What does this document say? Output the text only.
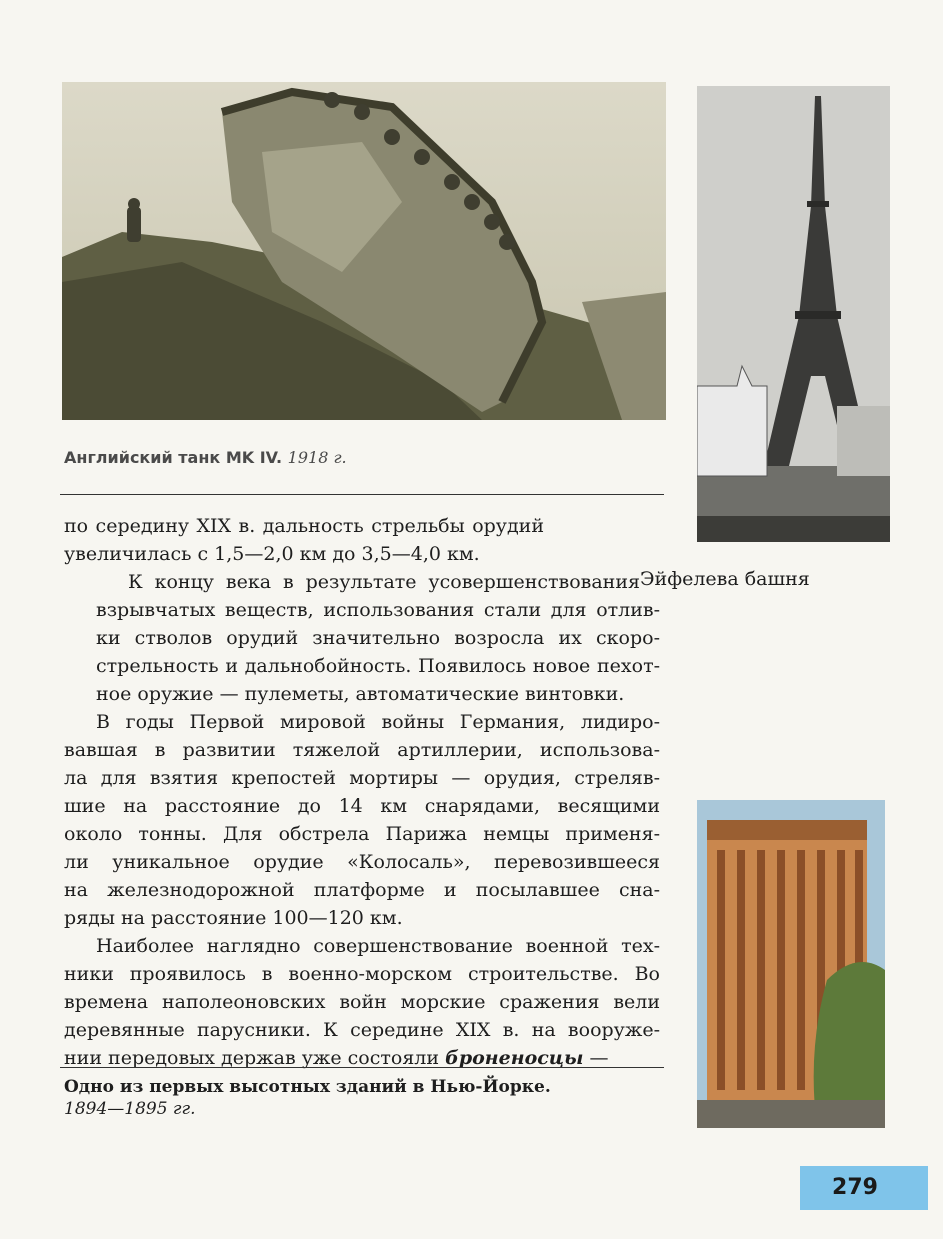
Английский танк MK IV. 1918 г.
Эйфелева башня

по середину XIX в. дальность стрельбы орудий
увеличилась с 1,5—2,0 км до 3,5—4,0 км.

К концу века в результате усовершенствования
взрывчатых веществ, использования стали для отлив-
ки стволов орудий значительно возросла их скоро-
стрельность и дальнобойность. Появилось новое пехот-
ное оружие — пулеметы, автоматические винтовки.

В годы Первой мировой войны Германия, лидиро-
вавшая в развитии тяжелой артиллерии, использова-
ла для взятия крепостей мортиры — орудия, стреляв-
шие на расстояние до 14 км снарядами, весящими
около тонны. Для обстрела Парижа немцы применя-
ли уникальное орудие «Колосаль», перевозившееся
на железнодорожной платформе и посылавшее сна-
ряды на расстояние 100—120 км.

Наиболее наглядно совершенствование военной тех-
ники проявилось в военно-морском строительстве. Во
времена наполеоновских войн морские сражения вели
деревянные парусники. К середине XIX в. на вооруже-
нии передовых держав уже состояли броненосцы —

Одно из первых высотных зданий в Нью-Йорке.
1894—1895 гг.
279
